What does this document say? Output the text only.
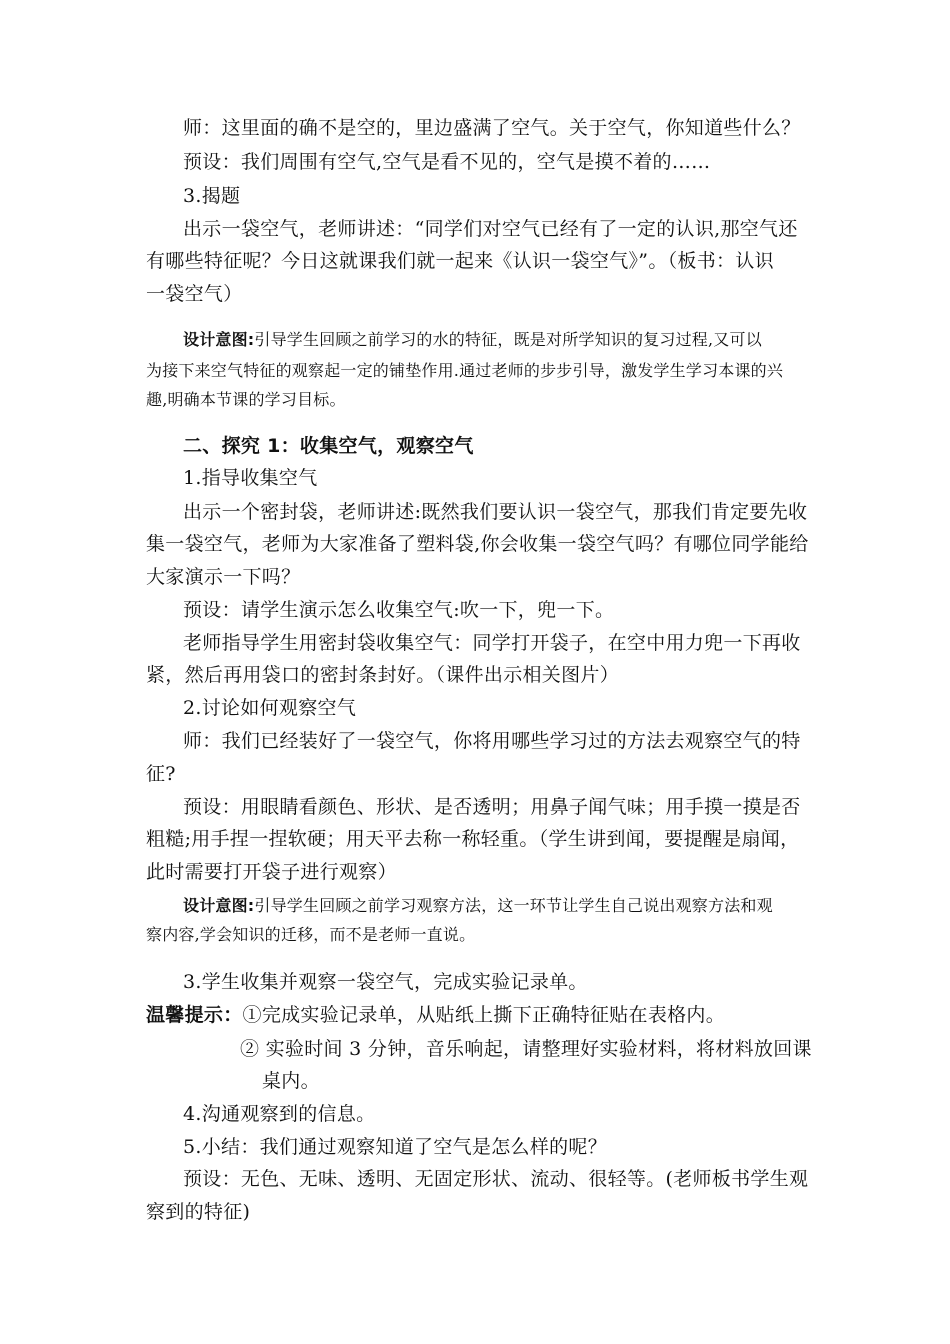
师：这里面的确不是空的，里边盛满了空气。关于空气，你知道些什么？
预设：我们周围有空气,空气是看不见的，空气是摸不着的……
3.揭题
出示一袋空气，老师讲述：“同学们对空气已经有了一定的认识,那空气还
有哪些特征呢？今日这就课我们就一起来《认识一袋空气》”。（板书：认识
一袋空气）
设计意图:引导学生回顾之前学习的水的特征，既是对所学知识的复习过程,又可以
为接下来空气特征的观察起一定的铺垫作用.通过老师的步步引导，激发学生学习本课的兴
趣,明确本节课的学习目标。
二、探究 1：收集空气，观察空气
1.指导收集空气
出示一个密封袋，老师讲述:既然我们要认识一袋空气，那我们肯定要先收
集一袋空气，老师为大家准备了塑料袋,你会收集一袋空气吗？有哪位同学能给
大家演示一下吗？
预设：请学生演示怎么收集空气:吹一下，兜一下。
老师指导学生用密封袋收集空气：同学打开袋子，在空中用力兜一下再收
紧，然后再用袋口的密封条封好。（课件出示相关图片）
2.讨论如何观察空气
师：我们已经装好了一袋空气，你将用哪些学习过的方法去观察空气的特
征?
预设：用眼睛看颜色、形状、是否透明；用鼻子闻气味；用手摸一摸是否
粗糙;用手捏一捏软硬；用天平去称一称轻重。（学生讲到闻，要提醒是扇闻，
此时需要打开袋子进行观察）
设计意图:引导学生回顾之前学习观察方法，这一环节让学生自己说出观察方法和观
察内容,学会知识的迁移，而不是老师一直说。
3.学生收集并观察一袋空气，完成实验记录单。
温馨提示：①完成实验记录单，从贴纸上撕下正确特征贴在表格内。
② 实验时间 3 分钟，音乐响起，请整理好实验材料，将材料放回课
桌内。
4.沟通观察到的信息。
5.小结：我们通过观察知道了空气是怎么样的呢？
预设：无色、无味、透明、无固定形状、流动、很轻等。(老师板书学生观
察到的特征)
